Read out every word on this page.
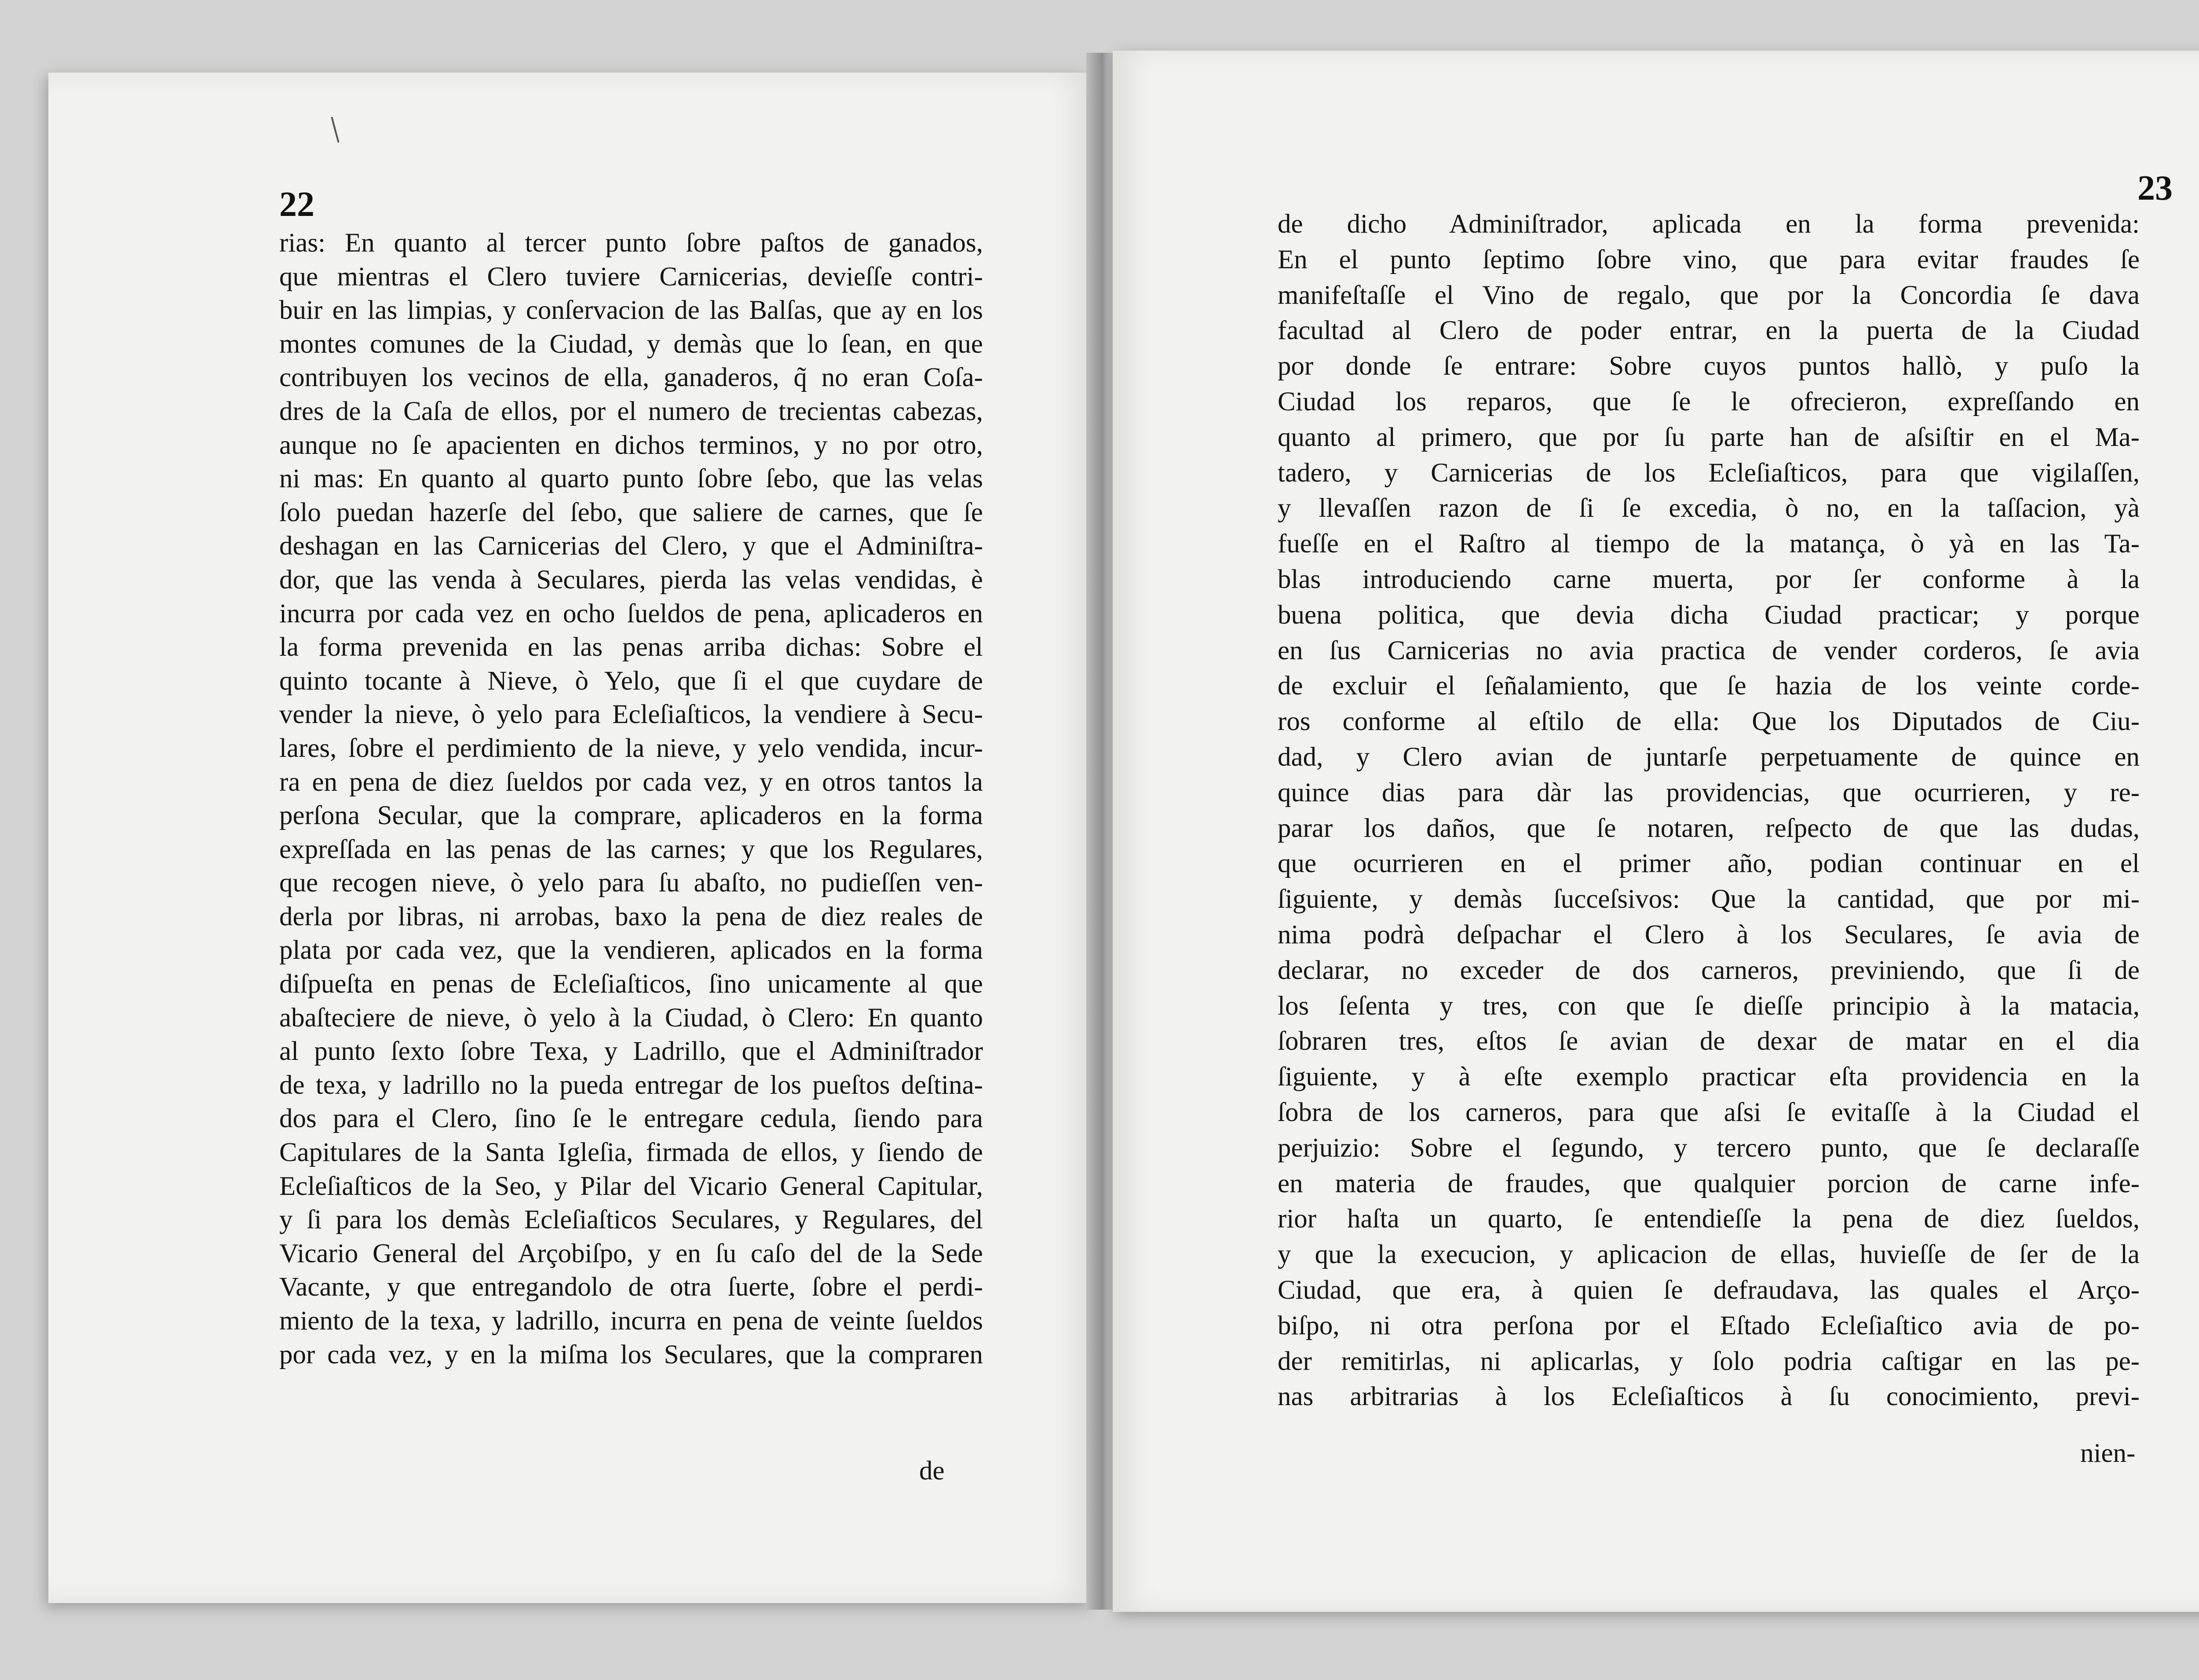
22

rias: En quanto al tercer punto ſobre paſtos de ganados,
que mientras el Clero tuviere Carnicerias, devieſſe contri-
buir en las limpias, y conſervacion de las Balſas, que ay en los
montes comunes de la Ciudad, y demàs que lo ſean, en que
contribuyen los vecinos de ella, ganaderos, q̃ no eran Coſa-
dres de la Caſa de ellos, por el numero de trecientas cabezas,
aunque no ſe apacienten en dichos terminos, y no por otro,
ni mas: En quanto al quarto punto ſobre ſebo, que las velas
ſolo puedan hazerſe del ſebo, que saliere de carnes, que ſe
deshagan en las Carnicerias del Clero, y que el Adminiſtra-
dor, que las venda à Seculares, pierda las velas vendidas, è
incurra por cada vez en ocho ſueldos de pena, aplicaderos en
la forma prevenida en las penas arriba dichas: Sobre el
quinto tocante à Nieve, ò Yelo, que ſi el que cuydare de
vender la nieve, ò yelo para Ecleſiaſticos, la vendiere à Secu-
lares, ſobre el perdimiento de la nieve, y yelo vendida, incur-
ra en pena de diez ſueldos por cada vez, y en otros tantos la
perſona Secular, que la comprare, aplicaderos en la forma
expreſſada en las penas de las carnes; y que los Regulares,
que recogen nieve, ò yelo para ſu abaſto, no pudieſſen ven-
derla por libras, ni arrobas, baxo la pena de diez reales de
plata por cada vez, que la vendieren, aplicados en la forma
diſpueſta en penas de Ecleſiaſticos, ſino unicamente al que
abaſteciere de nieve, ò yelo à la Ciudad, ò Clero: En quanto
al punto ſexto ſobre Texa, y Ladrillo, que el Adminiſtrador
de texa, y ladrillo no la pueda entregar de los pueſtos deſtina-
dos para el Clero, ſino ſe le entregare cedula, ſiendo para
Capitulares de la Santa Igleſia, firmada de ellos, y ſiendo de
Ecleſiaſticos de la Seo, y Pilar del Vicario General Capitular,
y ſi para los demàs Ecleſiaſticos Seculares, y Regulares, del
Vicario General del Arçobiſpo, y en ſu caſo del de la Sede
Vacante, y que entregandolo de otra ſuerte, ſobre el perdi-
miento de la texa, y ladrillo, incurra en pena de veinte ſueldos
por cada vez, y en la miſma los Seculares, que la compraren

de

23

de dicho Adminiſtrador, aplicada en la forma prevenida:
En el punto ſeptimo ſobre vino, que para evitar fraudes ſe
manifeſtaſſe el Vino de regalo, que por la Concordia ſe dava
facultad al Clero de poder entrar, en la puerta de la Ciudad
por donde ſe entrare: Sobre cuyos puntos hallò, y puſo la
Ciudad los reparos, que ſe le ofrecieron, expreſſando en
quanto al primero, que por ſu parte han de aſsiſtir en el Ma-
tadero, y Carnicerias de los Ecleſiaſticos, para que vigilaſſen,
y llevaſſen razon de ſi ſe excedia, ò no, en la taſſacion, yà
fueſſe en el Raſtro al tiempo de la matança, ò yà en las Ta-
blas introduciendo carne muerta, por ſer conforme à la
buena politica, que devia dicha Ciudad practicar; y porque
en ſus Carnicerias no avia practica de vender corderos, ſe avia
de excluir el ſeñalamiento, que ſe hazia de los veinte corde-
ros conforme al eſtilo de ella: Que los Diputados de Ciu-
dad, y Clero avian de juntarſe perpetuamente de quince en
quince dias para dàr las providencias, que ocurrieren, y re-
parar los daños, que ſe notaren, reſpecto de que las dudas,
que ocurrieren en el primer año, podian continuar en el
ſiguiente, y demàs ſucceſsivos: Que la cantidad, que por mi-
nima podrà deſpachar el Clero à los Seculares, ſe avia de
declarar, no exceder de dos carneros, previniendo, que ſi de
los ſeſenta y tres, con que ſe dieſſe principio à la matacia,
ſobraren tres, eſtos ſe avian de dexar de matar en el dia
ſiguiente, y à eſte exemplo practicar eſta providencia en la
ſobra de los carneros, para que aſsi ſe evitaſſe à la Ciudad el
perjuizio: Sobre el ſegundo, y tercero punto, que ſe declaraſſe
en materia de fraudes, que qualquier porcion de carne infe-
rior haſta un quarto, ſe entendieſſe la pena de diez ſueldos,
y que la execucion, y aplicacion de ellas, huvieſſe de ſer de la
Ciudad, que era, à quien ſe defraudava, las quales el Arço-
biſpo, ni otra perſona por el Eſtado Ecleſiaſtico avia de po-
der remitirlas, ni aplicarlas, y ſolo podria caſtigar en las pe-
nas arbitrarias à los Ecleſiaſticos à ſu conocimiento, previ-

nien-
